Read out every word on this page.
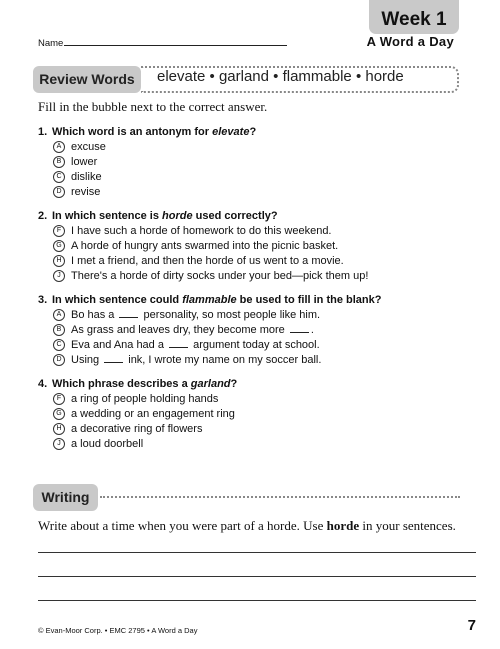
Week 1
A Word a Day
Name
Review Words	elevate • garland • flammable • horde
Fill in the bubble next to the correct answer.
1. Which word is an antonym for elevate?
A excuse
B lower
C dislike
D revise
2. In which sentence is horde used correctly?
F I have such a horde of homework to do this weekend.
G A horde of hungry ants swarmed into the picnic basket.
H I met a friend, and then the horde of us went to a movie.
J There's a horde of dirty socks under your bed—pick them up!
3. In which sentence could flammable be used to fill in the blank?
A Bo has a	personality, so most people like him.
B As grass and leaves dry, they become more .
C Eva and Ana had a	argument today at school.
D Using	ink, I wrote my name on my soccer ball.
4. Which phrase describes a garland?
F a ring of people holding hands
G a wedding or an engagement ring
H a decorative ring of flowers
J a loud doorbell
Writing
Write about a time when you were part of a horde. Use horde in your sentences.
© Evan-Moor Corp. • EMC 2795 • A Word a Day	7
